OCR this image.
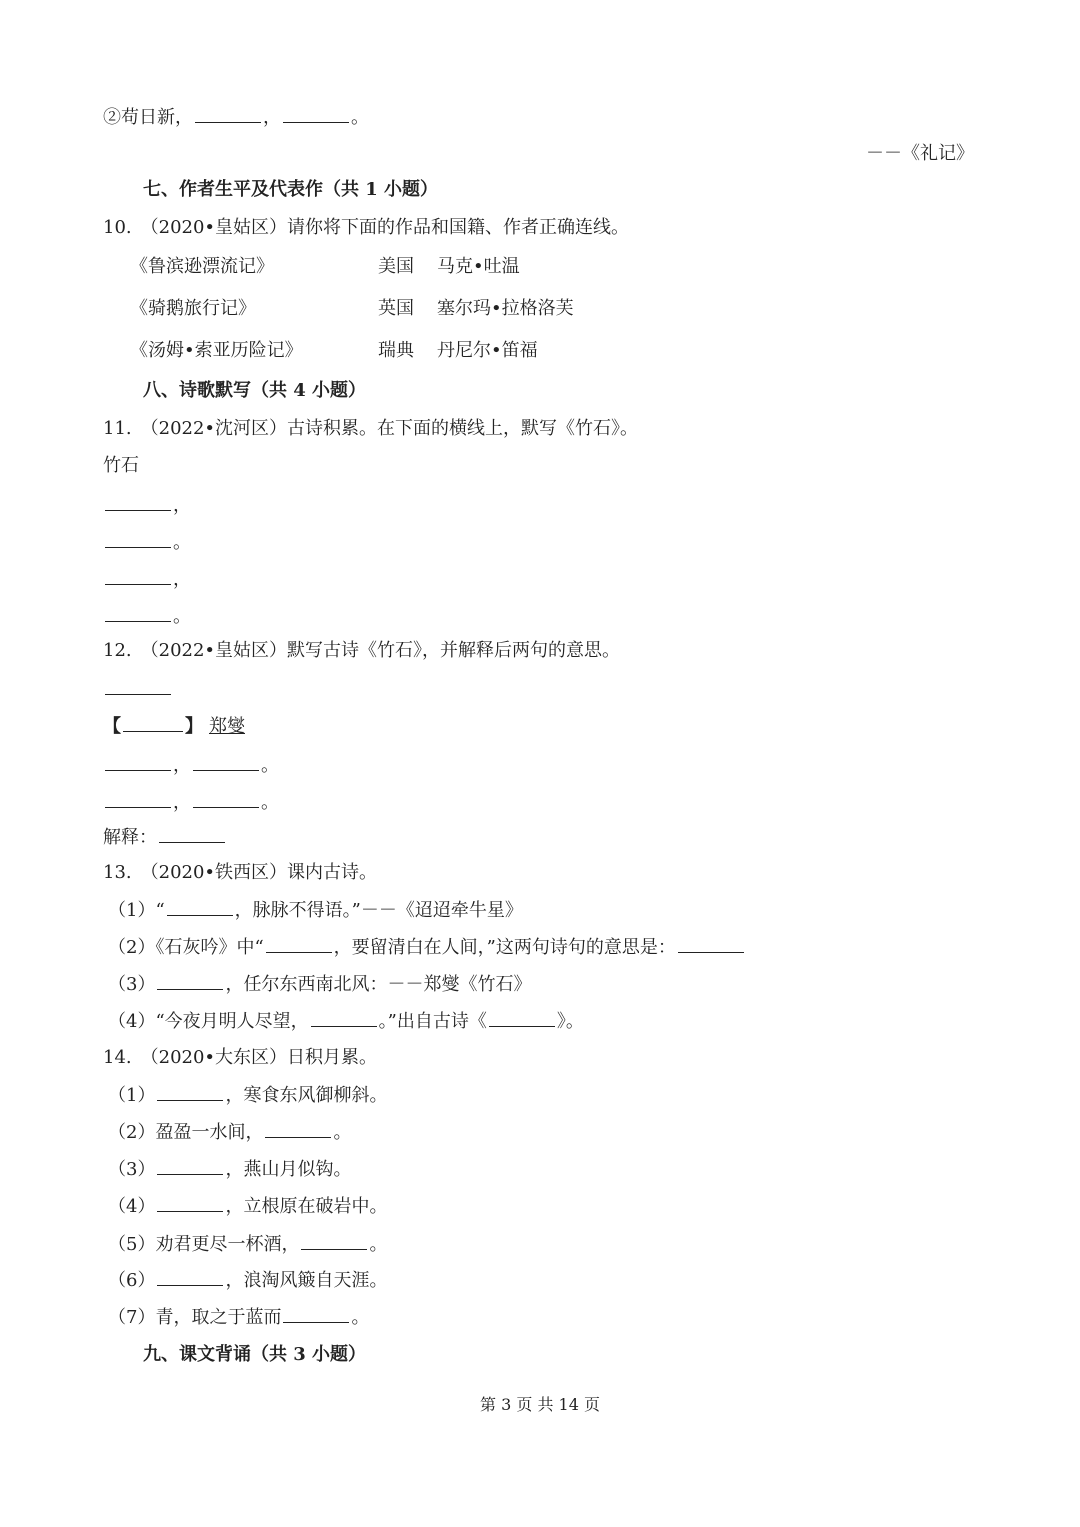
②苟日新，	，	。
－－《礼记》
七、作者生平及代表作（共 1 小题）
10.　（2020•皇姑区）请你将下面的作品和国籍、作者正确连线。
《鲁滨逊漂流记》	美国 马克•吐温
《骑鹅旅行记》	英国 塞尔玛•拉格洛芙
《汤姆•索亚历险记》	瑞典 丹尼尔•笛福
八、诗歌默写（共 4 小题）
11.　（2022•沈河区）古诗积累。在下面的横线上，默写《竹石》。
竹石
，
。
，
。
12.　（2022•皇姑区）默写古诗《竹石》，并解释后两句的意思。
【	】 郑燮
，	。
，	。
解释：
13.　（2020•铁西区）课内古诗。
（1）“	，脉脉不得语。”－－《迢迢牵牛星》
（2）《石灰吟》中“	，要留清白在人间，”这两句诗句的意思是：
（3）	，任尔东西南北风：－－郑燮《竹石》
（4）“今夜月明人尽望，	。”出自古诗《	》。
14.　（2020•大东区）日积月累。
（1）	，寒食东风御柳斜。
（2）盈盈一水间，	。
（3）	，燕山月似钩。
（4）	，立根原在破岩中。
（5）劝君更尽一杯酒，	。
（6）	，浪淘风簸自天涯。
（7）青，取之于蓝而	。
九、课文背诵（共 3 小题）
第 3 页 共 14 页
